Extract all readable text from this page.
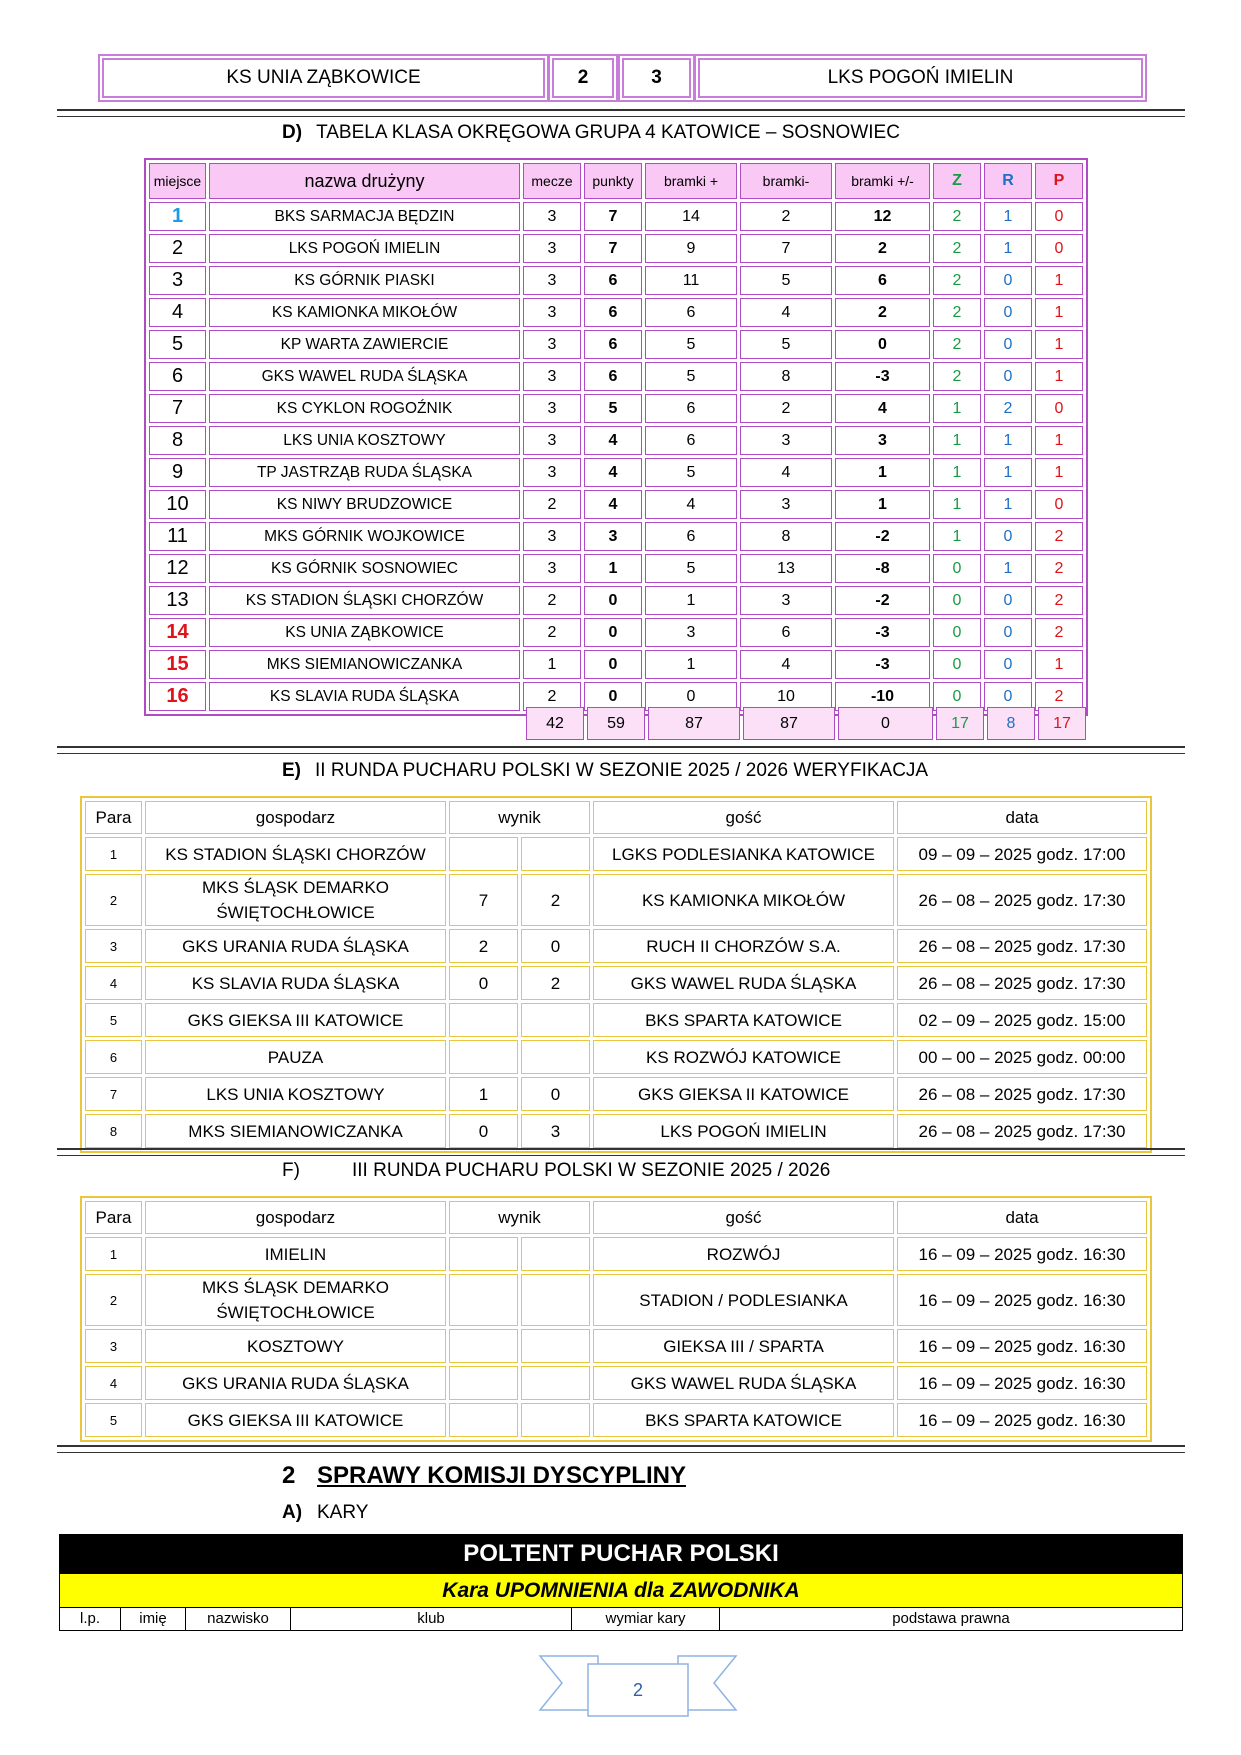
KS UNIA ZĄBKOWICE	2	3	LKS POGOŃ IMIELIN
D) TABELA KLASA OKRĘGOWA GRUPA 4 KATOWICE – SOSNOWIEC
miejsce	nazwa drużyny	mecze	punkty	bramki +	bramki-	bramki +/-	Z	R	P
1	BKS SARMACJA BĘDZIN	3	7	14	2	12	2	1	0
2	LKS POGOŃ IMIELIN	3	7	9	7	2	2	1	0
3	KS GÓRNIK PIASKI	3	6	11	5	6	2	0	1
4	KS KAMIONKA MIKOŁÓW	3	6	6	4	2	2	0	1
5	KP WARTA ZAWIERCIE	3	6	5	5	0	2	0	1
6	GKS WAWEL RUDA ŚLĄSKA	3	6	5	8	-3	2	0	1
7	KS CYKLON ROGOŹNIK	3	5	6	2	4	1	2	0
8	LKS UNIA KOSZTOWY	3	4	6	3	3	1	1	1
9	TP JASTRZĄB RUDA ŚLĄSKA	3	4	5	4	1	1	1	1
10	KS NIWY BRUDZOWICE	2	4	4	3	1	1	1	0
11	MKS GÓRNIK WOJKOWICE	3	3	6	8	-2	1	0	2
12	KS GÓRNIK SOSNOWIEC	3	1	5	13	-8	0	1	2
13	KS STADION ŚLĄSKI CHORZÓW	2	0	1	3	-2	0	0	2
14	KS UNIA ZĄBKOWICE	2	0	3	6	-3	0	0	2
15	MKS SIEMIANOWICZANKA	1	0	1	4	-3	0	0	1
16	KS SLAVIA RUDA ŚLĄSKA	2	0	0	10	-10	0	0	2
42	59	87	87	0	17	8	17
E) II RUNDA PUCHARU POLSKI W SEZONIE 2025 / 2026 WERYFIKACJA
Para	gospodarz	wynik		gość	data
1	KS STADION ŚLĄSKI CHORZÓW			LGKS PODLESIANKA KATOWICE	09 – 09 – 2025 godz. 17:00
2	MKS ŚLĄSK DEMARKO
ŚWIĘTOCHŁOWICE	7	2	KS KAMIONKA MIKOŁÓW	26 – 08 – 2025 godz. 17:30
3	GKS URANIA RUDA ŚLĄSKA	2	0	RUCH II CHORZÓW S.A.	26 – 08 – 2025 godz. 17:30
4	KS SLAVIA RUDA ŚLĄSKA	0	2	GKS WAWEL RUDA ŚLĄSKA	26 – 08 – 2025 godz. 17:30
5	GKS GIEKSA III KATOWICE			BKS SPARTA KATOWICE	02 – 09 – 2025 godz. 15:00
6	PAUZA			KS ROZWÓJ KATOWICE	00 – 00 – 2025 godz. 00:00
7	LKS UNIA KOSZTOWY	1	0	GKS GIEKSA II KATOWICE	26 – 08 – 2025 godz. 17:30
8	MKS SIEMIANOWICZANKA	0	3	LKS POGOŃ IMIELIN	26 – 08 – 2025 godz. 17:30
F)	III RUNDA PUCHARU POLSKI W SEZONIE 2025 / 2026
Para	gospodarz	wynik		gość	data
1	IMIELIN			ROZWÓJ	16 – 09 – 2025 godz. 16:30
2	MKS ŚLĄSK DEMARKO
ŚWIĘTOCHŁOWICE			STADION / PODLESIANKA	16 – 09 – 2025 godz. 16:30
3	KOSZTOWY			GIEKSA III / SPARTA	16 – 09 – 2025 godz. 16:30
4	GKS URANIA RUDA ŚLĄSKA			GKS WAWEL RUDA ŚLĄSKA	16 – 09 – 2025 godz. 16:30
5	GKS GIEKSA III KATOWICE			BKS SPARTA KATOWICE	16 – 09 – 2025 godz. 16:30
2 SPRAWY KOMISJI DYSCYPLINY
A) KARY
POLTENT PUCHAR POLSKI
Kara UPOMNIENIA dla ZAWODNIKA
l.p.	imię	nazwisko	klub	wymiar kary	podstawa prawna
2
